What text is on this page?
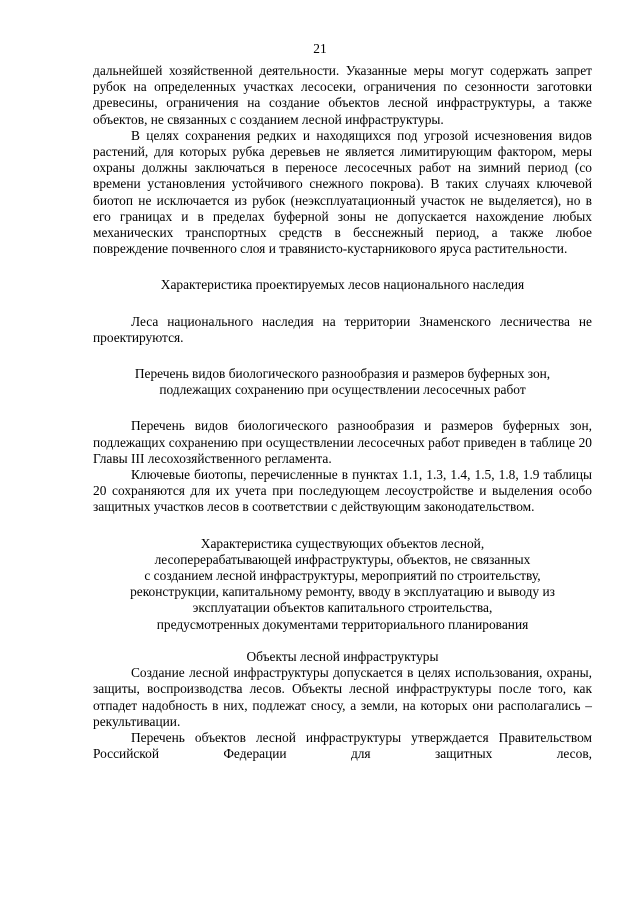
21

дальнейшей хозяйственной деятельности. Указанные меры могут содержать запрет рубок на определенных участках лесосеки, ограничения по сезонности заготовки древесины, ограничения на создание объектов лесной инфраструктуры, а также объектов, не связанных с созданием лесной инфраструктуры.

В целях сохранения редких и находящихся под угрозой исчезновения видов растений, для которых рубка деревьев не является лимитирующим фактором, меры охраны должны заключаться в переносе лесосечных работ на зимний период (со времени установления устойчивого снежного покрова). В таких случаях ключевой биотоп не исключается из рубок (неэксплуатационный участок не выделяется), но в его границах и в пределах буферной зоны не допускается нахождение любых механических транспортных средств в бесснежный период, а также любое повреждение почвенного слоя и травянисто-кустарникового яруса растительности.

Характеристика проектируемых лесов национального наследия

Леса национального наследия на территории Знаменского лесничества не проектируются.

Перечень видов биологического разнообразия и размеров буферных зон,
подлежащих сохранению при осуществлении лесосечных работ

Перечень видов биологического разнообразия и размеров буферных зон, подлежащих сохранению при осуществлении лесосечных работ приведен в таблице 20 Главы III лесохозяйственного регламента.

Ключевые биотопы, перечисленные в пунктах 1.1, 1.3, 1.4, 1.5, 1.8, 1.9 таблицы 20 сохраняются для их учета при последующем лесоустройстве и выделения особо защитных участков лесов в соответствии с действующим законодательством.

Характеристика существующих объектов лесной,
лесоперерабатывающей инфраструктуры, объектов, не связанных
с созданием лесной инфраструктуры, мероприятий по строительству,
реконструкции, капитальному ремонту, вводу в эксплуатацию и выводу из
эксплуатации объектов капитального строительства,
предусмотренных документами территориального планирования
Объекты лесной инфраструктуры

Создание лесной инфраструктуры допускается в целях использования, охраны, защиты, воспроизводства лесов. Объекты лесной инфраструктуры после того, как отпадет надобность в них, подлежат сносу, а земли, на которых они располагались – рекультивации.

Перечень объектов лесной инфраструктуры утверждается Правительством Российской Федерации для защитных лесов,
